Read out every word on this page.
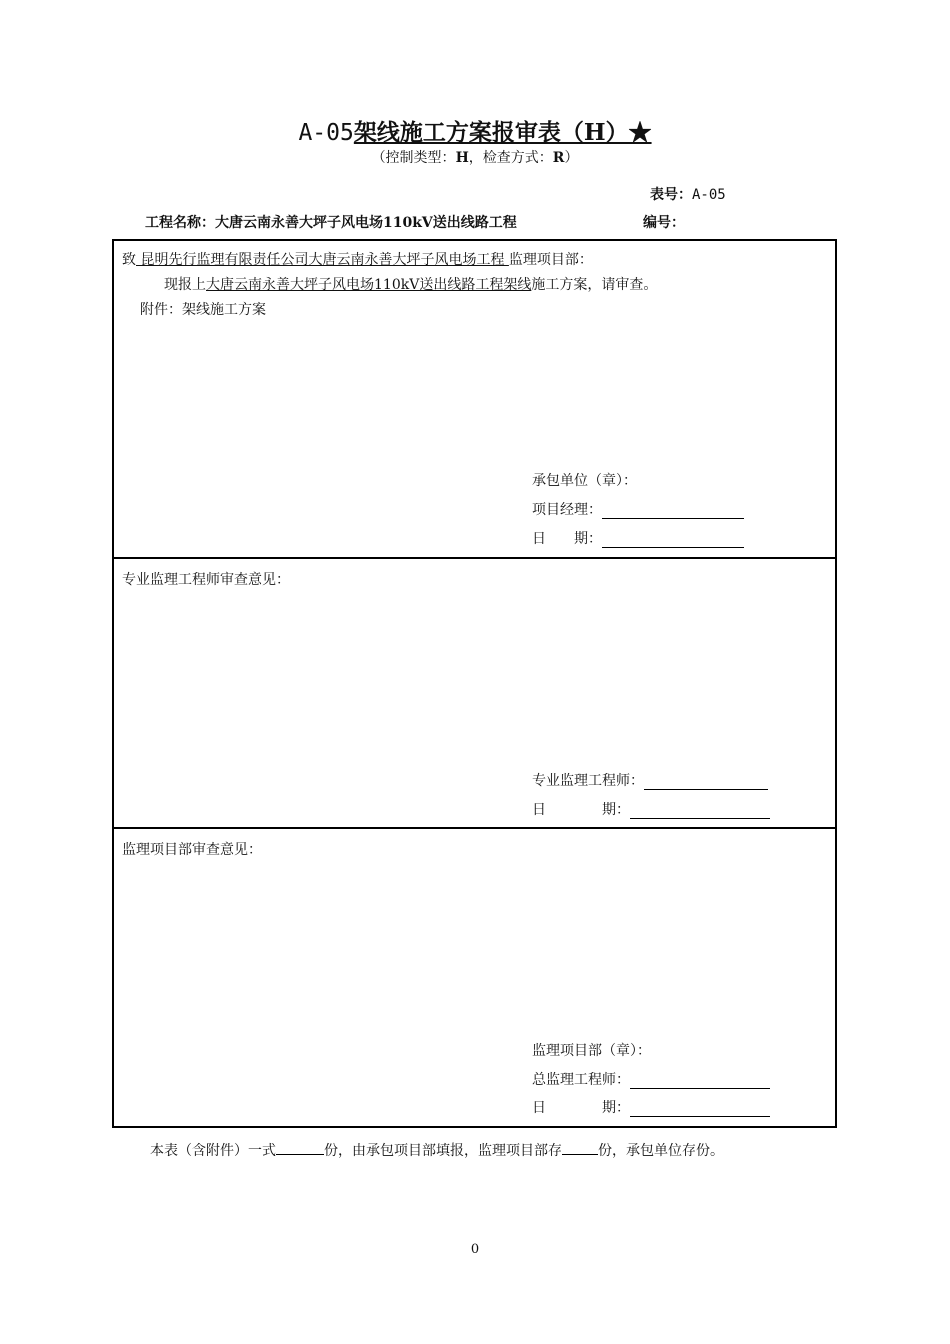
A-05架线施工方案报审表（H）★
（控制类型：H，检查方式：R）
表号：A-05
工程名称：大唐云南永善大坪子风电场110kV送出线路工程	编号：
致 昆明先行监理有限责任公司大唐云南永善大坪子风电场工程 监理项目部：
现报上大唐云南永善大坪子风电场110kV送出线路工程架线施工方案，请审查。
附件：架线施工方案
承包单位（章）：
项目经理：
日　　期：
专业监理工程师审查意见：
专业监理工程师：
日　　　　期：
监理项目部审查意见：
监理项目部（章）：
总监理工程师：
日　　　　期：
本表（含附件）一式	份，由承包项目部填报，监理项目部存	份，承包单位存份。
0
